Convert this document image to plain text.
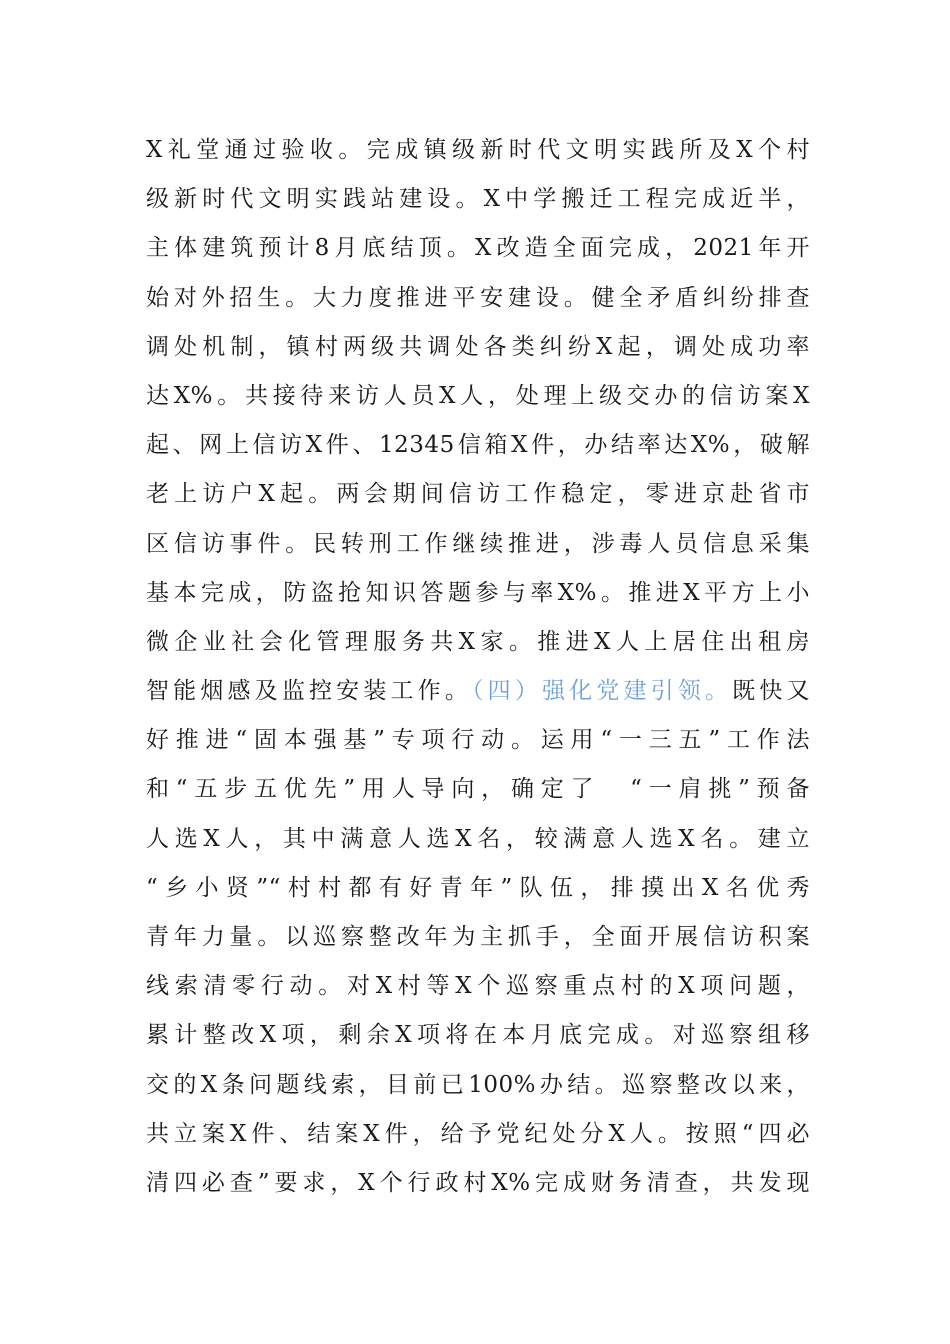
X礼堂通过验收。完成镇级新时代文明实践所及X个村
级新时代文明实践站建设。X中学搬迁工程完成近半，
主体建筑预计8月底结顶。X改造全面完成，2021年开
始对外招生。大力度推进平安建设。健全矛盾纠纷排查
调处机制，镇村两级共调处各类纠纷X起，调处成功率
达X%。共接待来访人员X人，处理上级交办的信访案X
起、网上信访X件、12345信箱X件，办结率达X%，破解
老上访户X起。两会期间信访工作稳定，零进京赴省市
区信访事件。民转刑工作继续推进，涉毒人员信息采集
基本完成，防盗抢知识答题参与率X%。推进X平方上小
微企业社会化管理服务共X家。推进X人上居住出租房
智能烟感及监控安装工作。（四）强化党建引领。既快又
好推进“固本强基”专项行动。运用“一三五”工作法
和“五步五优先”用人导向，确定了　“一肩挑”预备
人选X人，其中满意人选X名，较满意人选X名。建立
“乡小贤”“村村都有好青年”队伍，排摸出X名优秀
青年力量。以巡察整改年为主抓手，全面开展信访积案
线索清零行动。对X村等X个巡察重点村的X项问题，
累计整改X项，剩余X项将在本月底完成。对巡察组移
交的X条问题线索，目前已100%办结。巡察整改以来，
共立案X件、结案X件，给予党纪处分X人。按照“四必
清四必查”要求，X个行政村X%完成财务清查，共发现
